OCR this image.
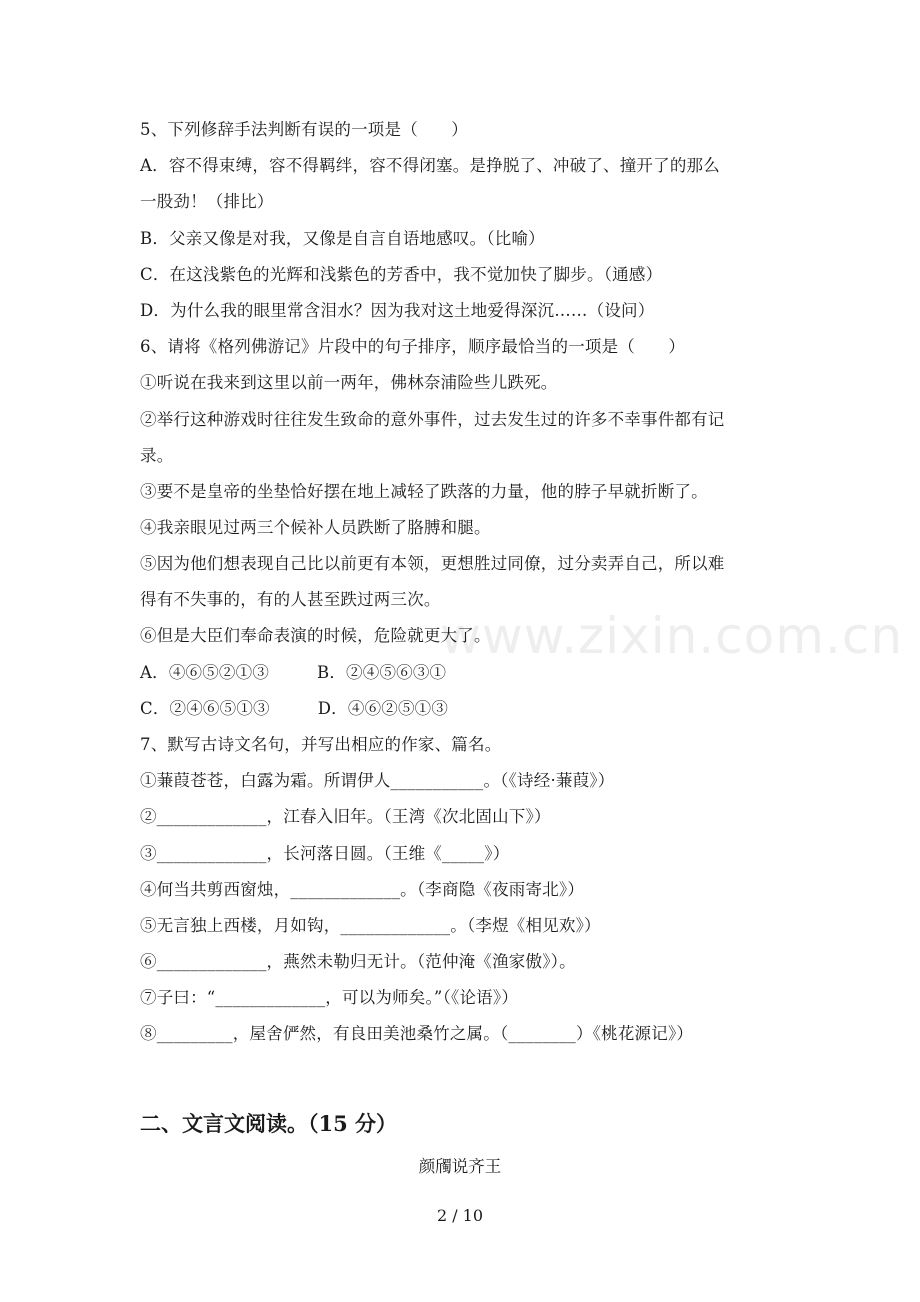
www.zixin.com.cn
5、下列修辞手法判断有误的一项是（　　）
A．容不得束缚，容不得羁绊，容不得闭塞。是挣脱了、冲破了、撞开了的那么
一股劲！（排比）
B．父亲又像是对我，又像是自言自语地感叹。（比喻）
C．在这浅紫色的光辉和浅紫色的芳香中，我不觉加快了脚步。（通感）
D．为什么我的眼里常含泪水？因为我对这土地爱得深沉……（设问）
6、请将《格列佛游记》片段中的句子排序，顺序最恰当的一项是（　　）
①听说在我来到这里以前一两年，佛林奈浦险些儿跌死。
②举行这种游戏时往往发生致命的意外事件，过去发生过的许多不幸事件都有记
录。
③要不是皇帝的坐垫恰好摆在地上减轻了跌落的力量，他的脖子早就折断了。
④我亲眼见过两三个候补人员跌断了胳膊和腿。
⑤因为他们想表现自己比以前更有本领，更想胜过同僚，过分卖弄自己，所以难
得有不失事的，有的人甚至跌过两三次。
⑥但是大臣们奉命表演的时候，危险就更大了。
A．④⑥⑤②①③	B．②④⑤⑥③①
C．②④⑥⑤①③	D．④⑥②⑤①③
7、默写古诗文名句，并写出相应的作家、篇名。
①蒹葭苍苍，白露为霜。所谓伊人___________。（《诗经·蒹葭》）
②_____________，江春入旧年。（王湾《次北固山下》）
③_____________，长河落日圆。（王维《_____》）
④何当共剪西窗烛，_____________。（李商隐《夜雨寄北》）
⑤无言独上西楼，月如钩，_____________。（李煜《相见欢》）
⑥_____________，燕然未勒归无计。（范仲淹《渔家傲》）。
⑦子曰：“_____________，可以为师矣。”（《论语》）
⑧_________，屋舍俨然，有良田美池桑竹之属。（________）《桃花源记》）
二、文言文阅读。（15 分）
颜斶说齐王
2 / 10
